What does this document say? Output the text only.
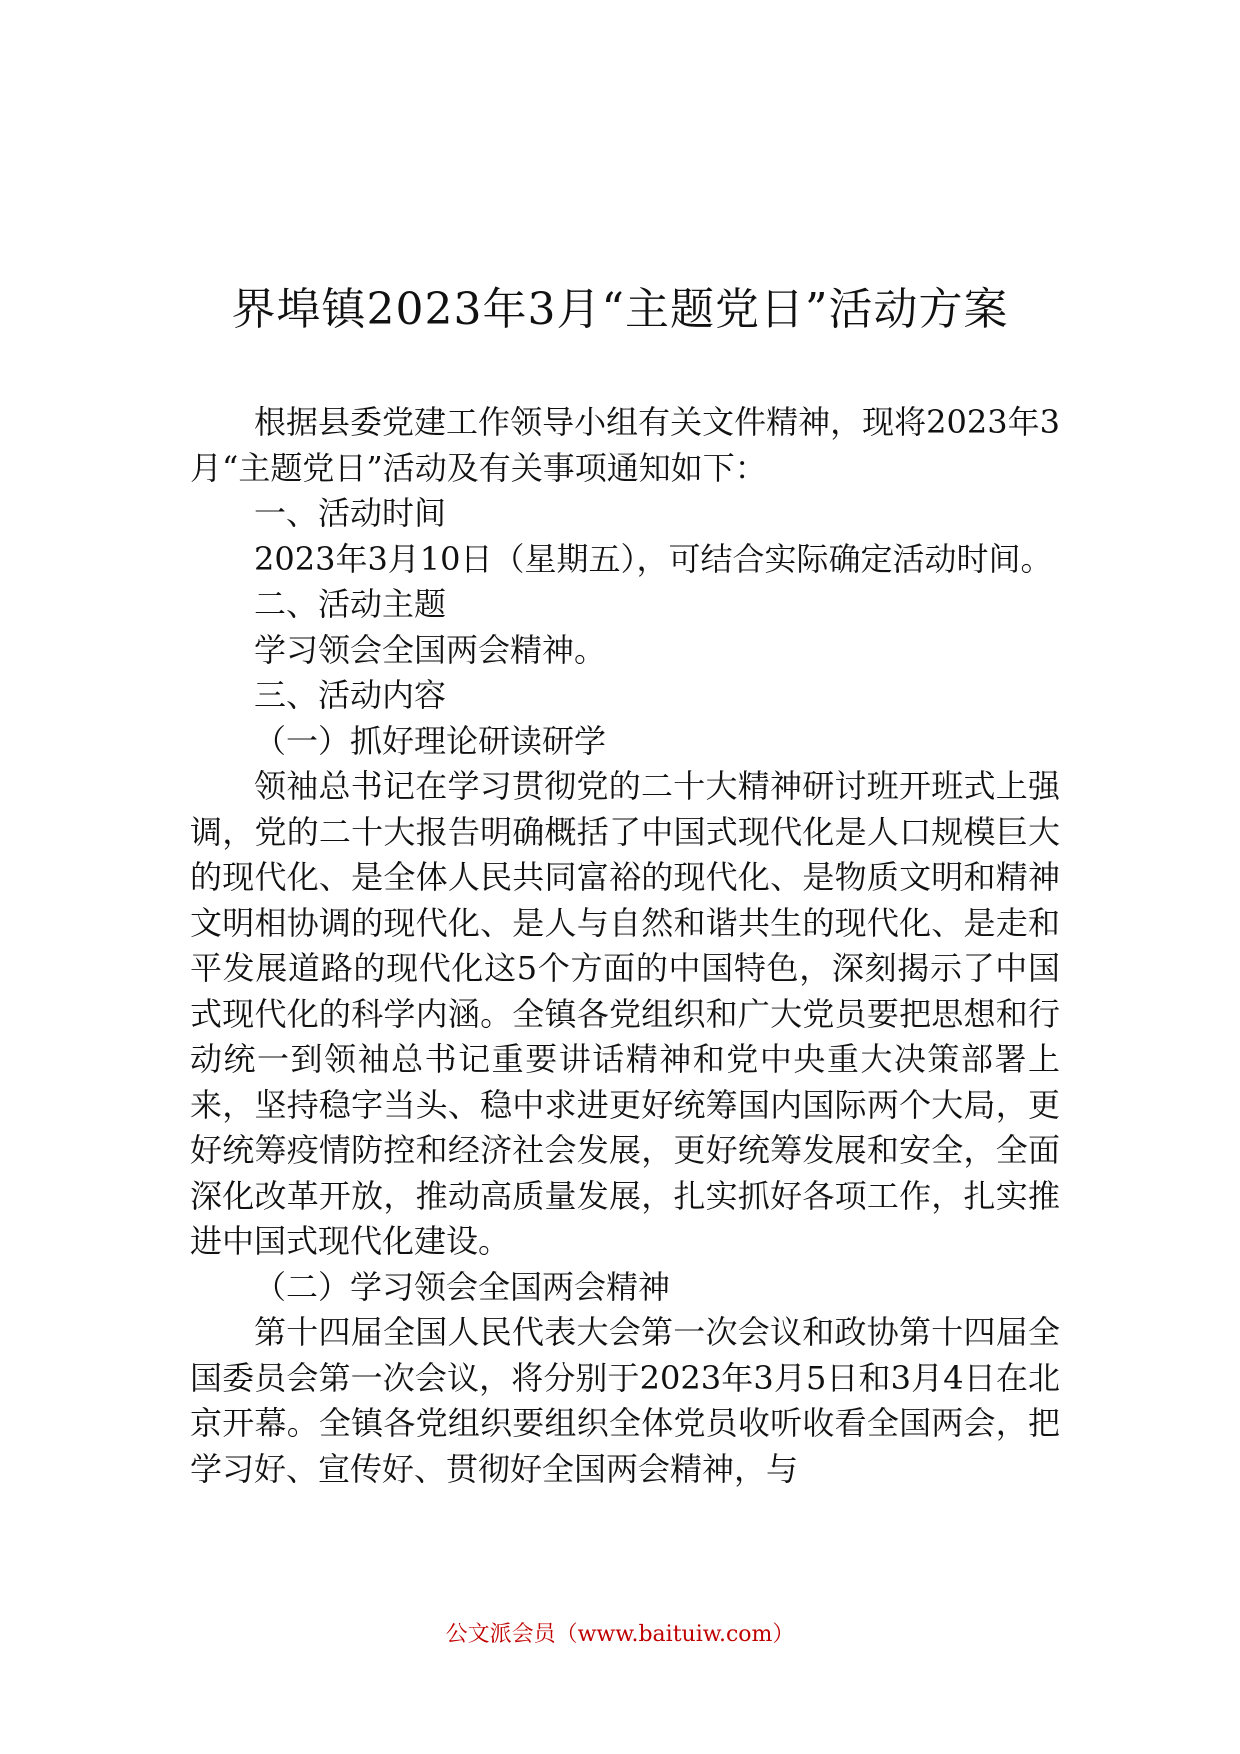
界埠镇2023年3月“主题党日”活动方案

根据县委党建工作领导小组有关文件精神，现将2023年3月“主题党日”活动及有关事项通知如下：

一、活动时间

2023年3月10日（星期五），可结合实际确定活动时间。

二、活动主题

学习领会全国两会精神。

三、活动内容

（一）抓好理论研读研学

领袖总书记在学习贯彻党的二十大精神研讨班开班式上强调，党的二十大报告明确概括了中国式现代化是人口规模巨大的现代化、是全体人民共同富裕的现代化、是物质文明和精神文明相协调的现代化、是人与自然和谐共生的现代化、是走和平发展道路的现代化这5个方面的中国特色，深刻揭示了中国式现代化的科学内涵。全镇各党组织和广大党员要把思想和行动统一到领袖总书记重要讲话精神和党中央重大决策部署上来，坚持稳字当头、稳中求进更好统筹国内国际两个大局，更好统筹疫情防控和经济社会发展，更好统筹发展和安全，全面深化改革开放，推动高质量发展，扎实抓好各项工作，扎实推进中国式现代化建设。

（二）学习领会全国两会精神

第十四届全国人民代表大会第一次会议和政协第十四届全国委员会第一次会议，将分别于2023年3月5日和3月4日在北京开幕。全镇各党组织要组织全体党员收听收看全国两会，把学习好、宣传好、贯彻好全国两会精神，与

公文派会员（www.baituiw.com）
